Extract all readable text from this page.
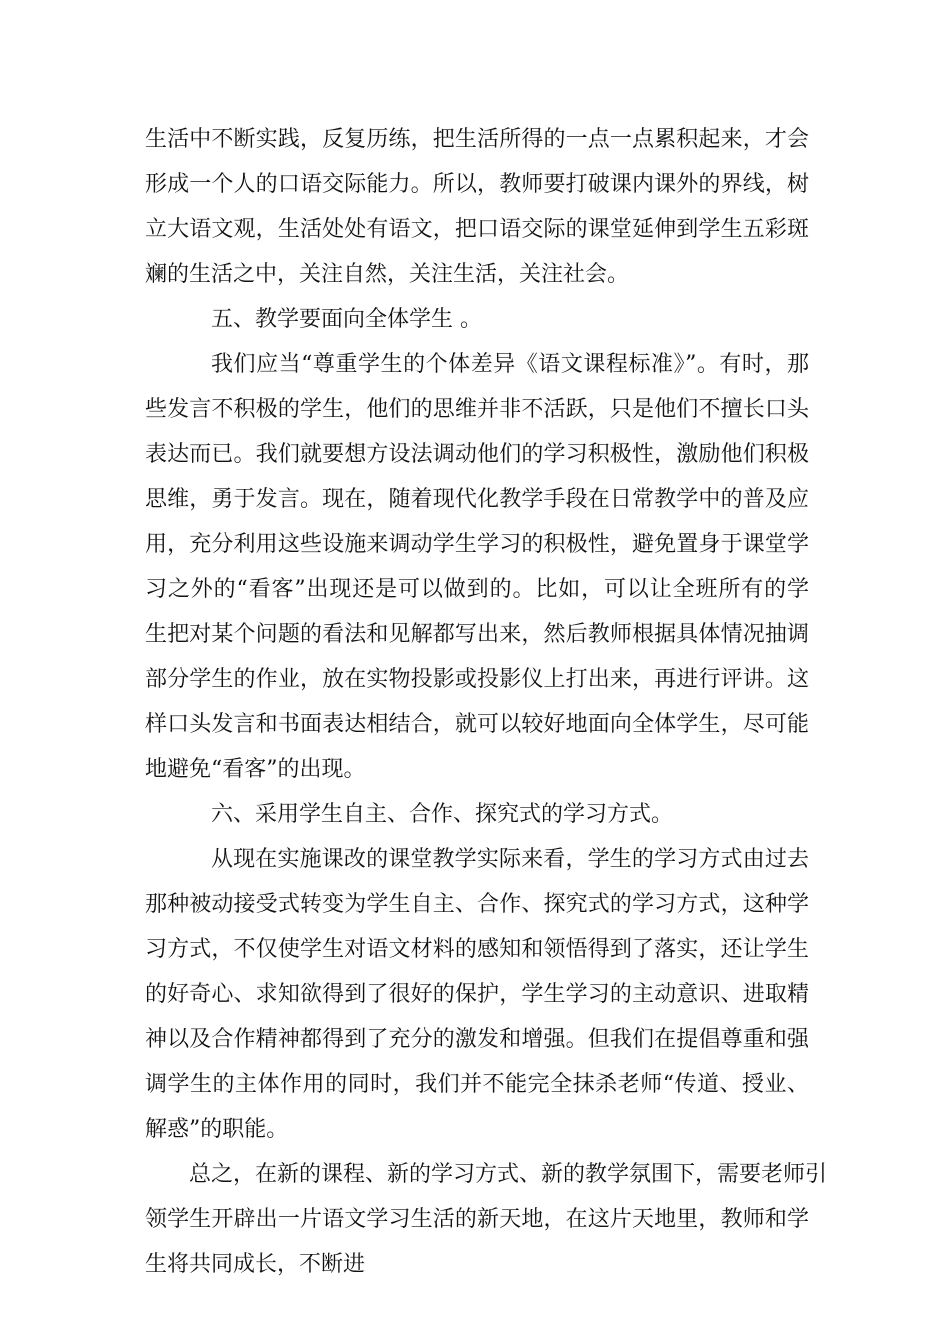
生活中不断实践，反复历练，把生活所得的一点一点累积起来，才会
形成一个人的口语交际能力。所以，教师要打破课内课外的界线，树
立大语文观，生活处处有语文，把口语交际的课堂延伸到学生五彩斑
斓的生活之中，关注自然，关注生活，关注社会。
五、教学要面向全体学生 。
我们应当“尊重学生的个体差异《语文课程标准》”。有时，那
些发言不积极的学生，他们的思维并非不活跃，只是他们不擅长口头
表达而已。我们就要想方设法调动他们的学习积极性，激励他们积极
思维，勇于发言。现在，随着现代化教学手段在日常教学中的普及应
用，充分利用这些设施来调动学生学习的积极性，避免置身于课堂学
习之外的“看客”出现还是可以做到的。比如，可以让全班所有的学
生把对某个问题的看法和见解都写出来，然后教师根据具体情况抽调
部分学生的作业，放在实物投影或投影仪上打出来，再进行评讲。这
样口头发言和书面表达相结合，就可以较好地面向全体学生，尽可能
地避免“看客”的出现。
六、采用学生自主、合作、探究式的学习方式。
从现在实施课改的课堂教学实际来看，学生的学习方式由过去
那种被动接受式转变为学生自主、合作、探究式的学习方式，这种学
习方式，不仅使学生对语文材料的感知和领悟得到了落实，还让学生
的好奇心、求知欲得到了很好的保护，学生学习的主动意识、进取精
神以及合作精神都得到了充分的激发和增强。但我们在提倡尊重和强
调学生的主体作用的同时，我们并不能完全抹杀老师“传道、授业、
解惑”的职能。
总之，在新的课程、新的学习方式、新的教学氛围下，需要老师引
领学生开辟出一片语文学习生活的新天地，在这片天地里，教师和学
生将共同成长，不断进
